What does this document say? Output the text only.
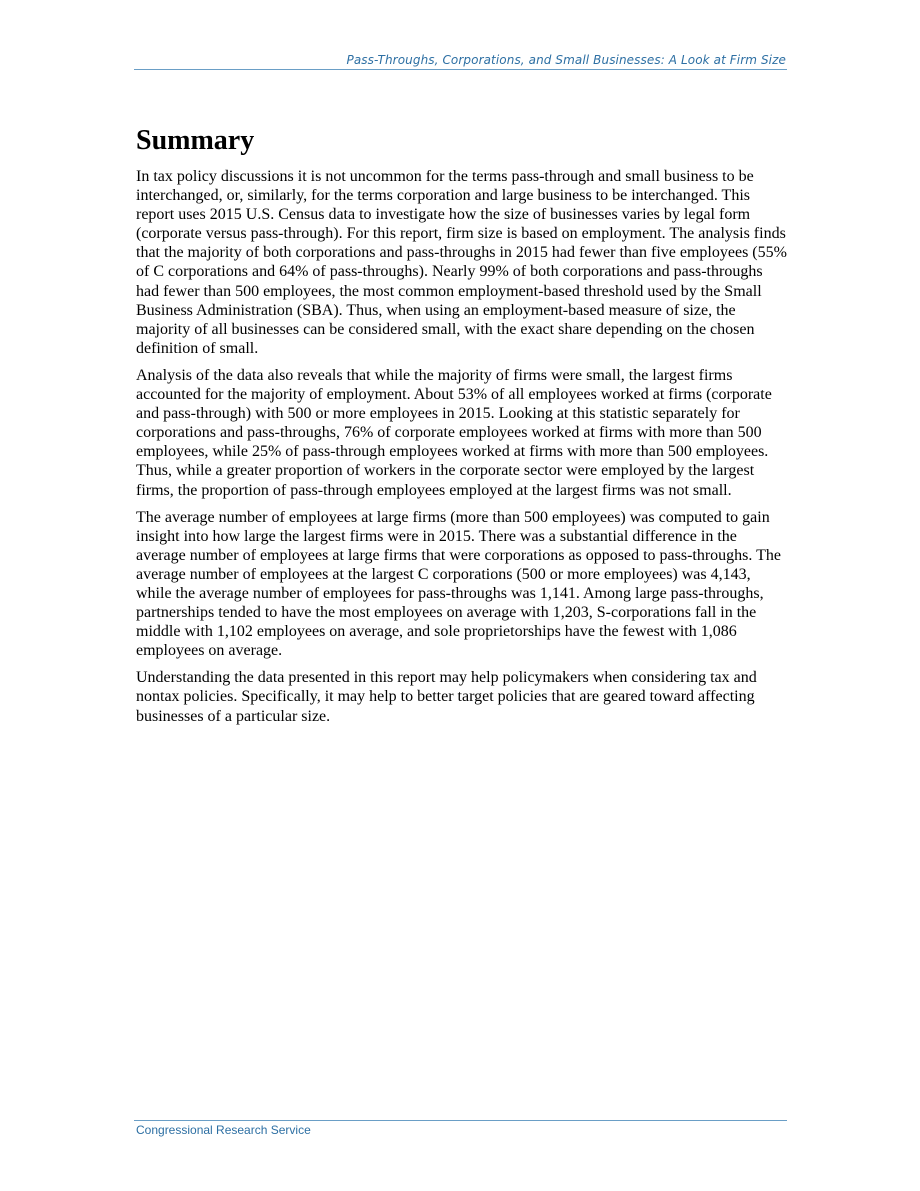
Pass-Throughs, Corporations, and Small Businesses: A Look at Firm Size
Summary

In tax policy discussions it is not uncommon for the terms pass-through and small business to be interchanged, or, similarly, for the terms corporation and large business to be interchanged. This report uses 2015 U.S. Census data to investigate how the size of businesses varies by legal form (corporate versus pass-through). For this report, firm size is based on employment. The analysis finds that the majority of both corporations and pass-throughs in 2015 had fewer than five employees (55% of C corporations and 64% of pass-throughs). Nearly 99% of both corporations and pass-throughs had fewer than 500 employees, the most common employment-based threshold used by the Small Business Administration (SBA). Thus, when using an employment-based measure of size, the majority of all businesses can be considered small, with the exact share depending on the chosen definition of small.

Analysis of the data also reveals that while the majority of firms were small, the largest firms accounted for the majority of employment. About 53% of all employees worked at firms (corporate and pass-through) with 500 or more employees in 2015. Looking at this statistic separately for corporations and pass-throughs, 76% of corporate employees worked at firms with more than 500 employees, while 25% of pass-through employees worked at firms with more than 500 employees. Thus, while a greater proportion of workers in the corporate sector were employed by the largest firms, the proportion of pass-through employees employed at the largest firms was not small.

The average number of employees at large firms (more than 500 employees) was computed to gain insight into how large the largest firms were in 2015. There was a substantial difference in the average number of employees at large firms that were corporations as opposed to pass-throughs. The average number of employees at the largest C corporations (500 or more employees) was 4,143, while the average number of employees for pass-throughs was 1,141. Among large pass-throughs, partnerships tended to have the most employees on average with 1,203, S-corporations fall in the middle with 1,102 employees on average, and sole proprietorships have the fewest with 1,086 employees on average.

Understanding the data presented in this report may help policymakers when considering tax and nontax policies. Specifically, it may help to better target policies that are geared toward affecting businesses of a particular size.

Congressional Research Service
